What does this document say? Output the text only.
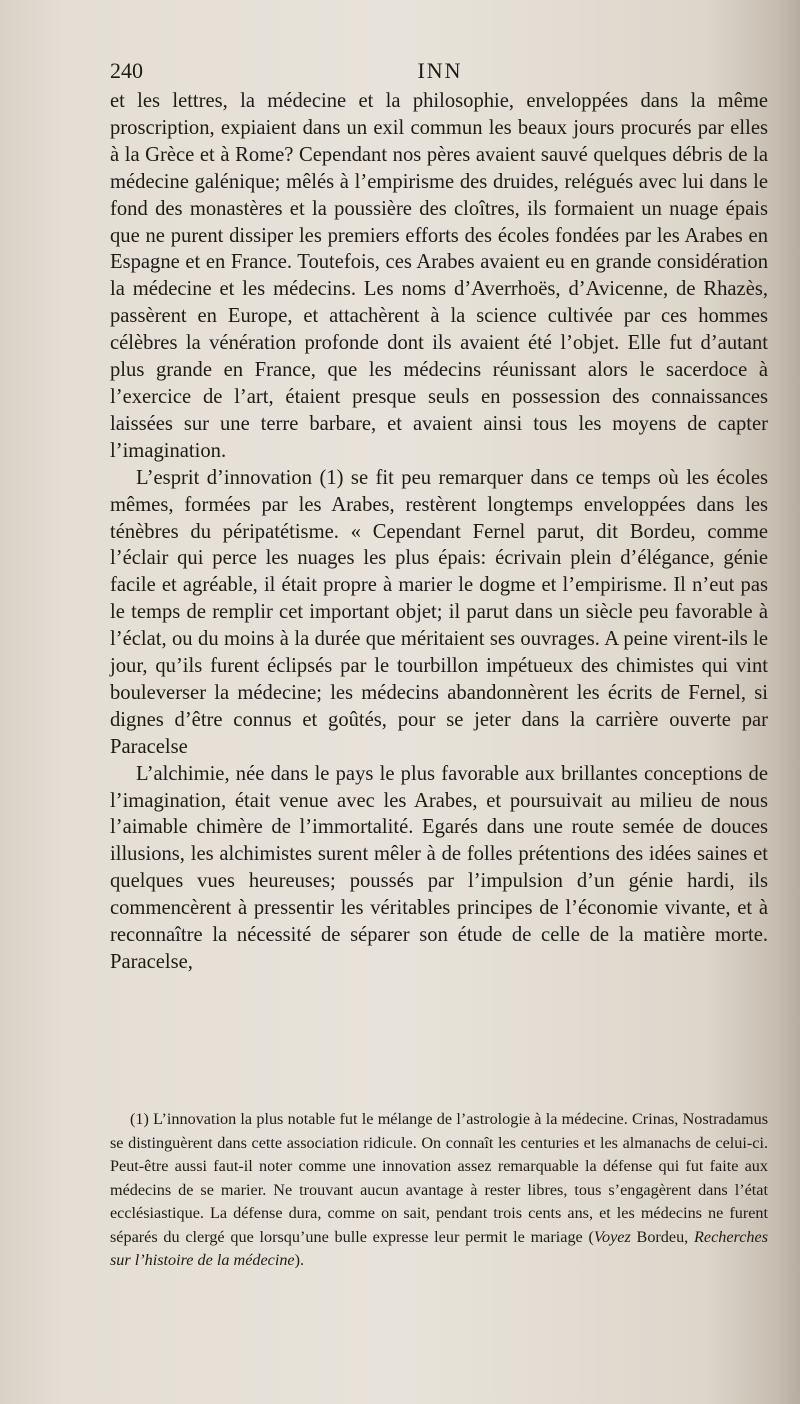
240	INN

et les lettres, la médecine et la philosophie, enveloppées dans la même proscription, expiaient dans un exil commun les beaux jours procurés par elles à la Grèce et à Rome? Cependant nos pères avaient sauvé quelques débris de la médecine galénique; mêlés à l’empirisme des druides, relégués avec lui dans le fond des monastères et la poussière des cloîtres, ils formaient un nuage épais que ne purent dissiper les premiers efforts des écoles fondées par les Arabes en Espagne et en France. Toutefois, ces Arabes avaient eu en grande considération la médecine et les médecins. Les noms d’Averrhoës, d’Avicenne, de Rhazès, passèrent en Europe, et attachèrent à la science cultivée par ces hommes célèbres la vénération profonde dont ils avaient été l’objet. Elle fut d’autant plus grande en France, que les médecins réunissant alors le sacerdoce à l’exercice de l’art, étaient presque seuls en possession des connaissances laissées sur une terre barbare, et avaient ainsi tous les moyens de capter l’imagination.

L’esprit d’innovation (1) se fit peu remarquer dans ce temps où les écoles mêmes, formées par les Arabes, restèrent longtemps enveloppées dans les ténèbres du péripatétisme. « Cependant Fernel parut, dit Bordeu, comme l’éclair qui perce les nuages les plus épais: écrivain plein d’élégance, génie facile et agréable, il était propre à marier le dogme et l’empirisme. Il n’eut pas le temps de remplir cet important objet; il parut dans un siècle peu favorable à l’éclat, ou du moins à la durée que méritaient ses ouvrages. A peine virent-ils le jour, qu’ils furent éclipsés par le tourbillon impétueux des chimistes qui vint bouleverser la médecine; les médecins abandonnèrent les écrits de Fernel, si dignes d’être connus et goûtés, pour se jeter dans la carrière ouverte par Paracelse

L’alchimie, née dans le pays le plus favorable aux brillantes conceptions de l’imagination, était venue avec les Arabes, et poursuivait au milieu de nous l’aimable chimère de l’immortalité. Egarés dans une route semée de douces illusions, les alchimistes surent mêler à de folles prétentions des idées saines et quelques vues heureuses; poussés par l’impulsion d’un génie hardi, ils commencèrent à pressentir les véritables principes de l’économie vivante, et à reconnaître la nécessité de séparer son étude de celle de la matière morte. Paracelse,

(1) L’innovation la plus notable fut le mélange de l’astrologie à la médecine. Crinas, Nostradamus se distinguèrent dans cette association ridicule. On connaît les centuries et les almanachs de celui-ci. Peut-être aussi faut-il noter comme une innovation assez remarquable la défense qui fut faite aux médecins de se marier. Ne trouvant aucun avantage à rester libres, tous s’engagèrent dans l’état ecclésiastique. La défense dura, comme on sait, pendant trois cents ans, et les médecins ne furent séparés du clergé que lorsqu’une bulle expresse leur permit le mariage (Voyez Bordeu, Recherches sur l’histoire de la médecine).
